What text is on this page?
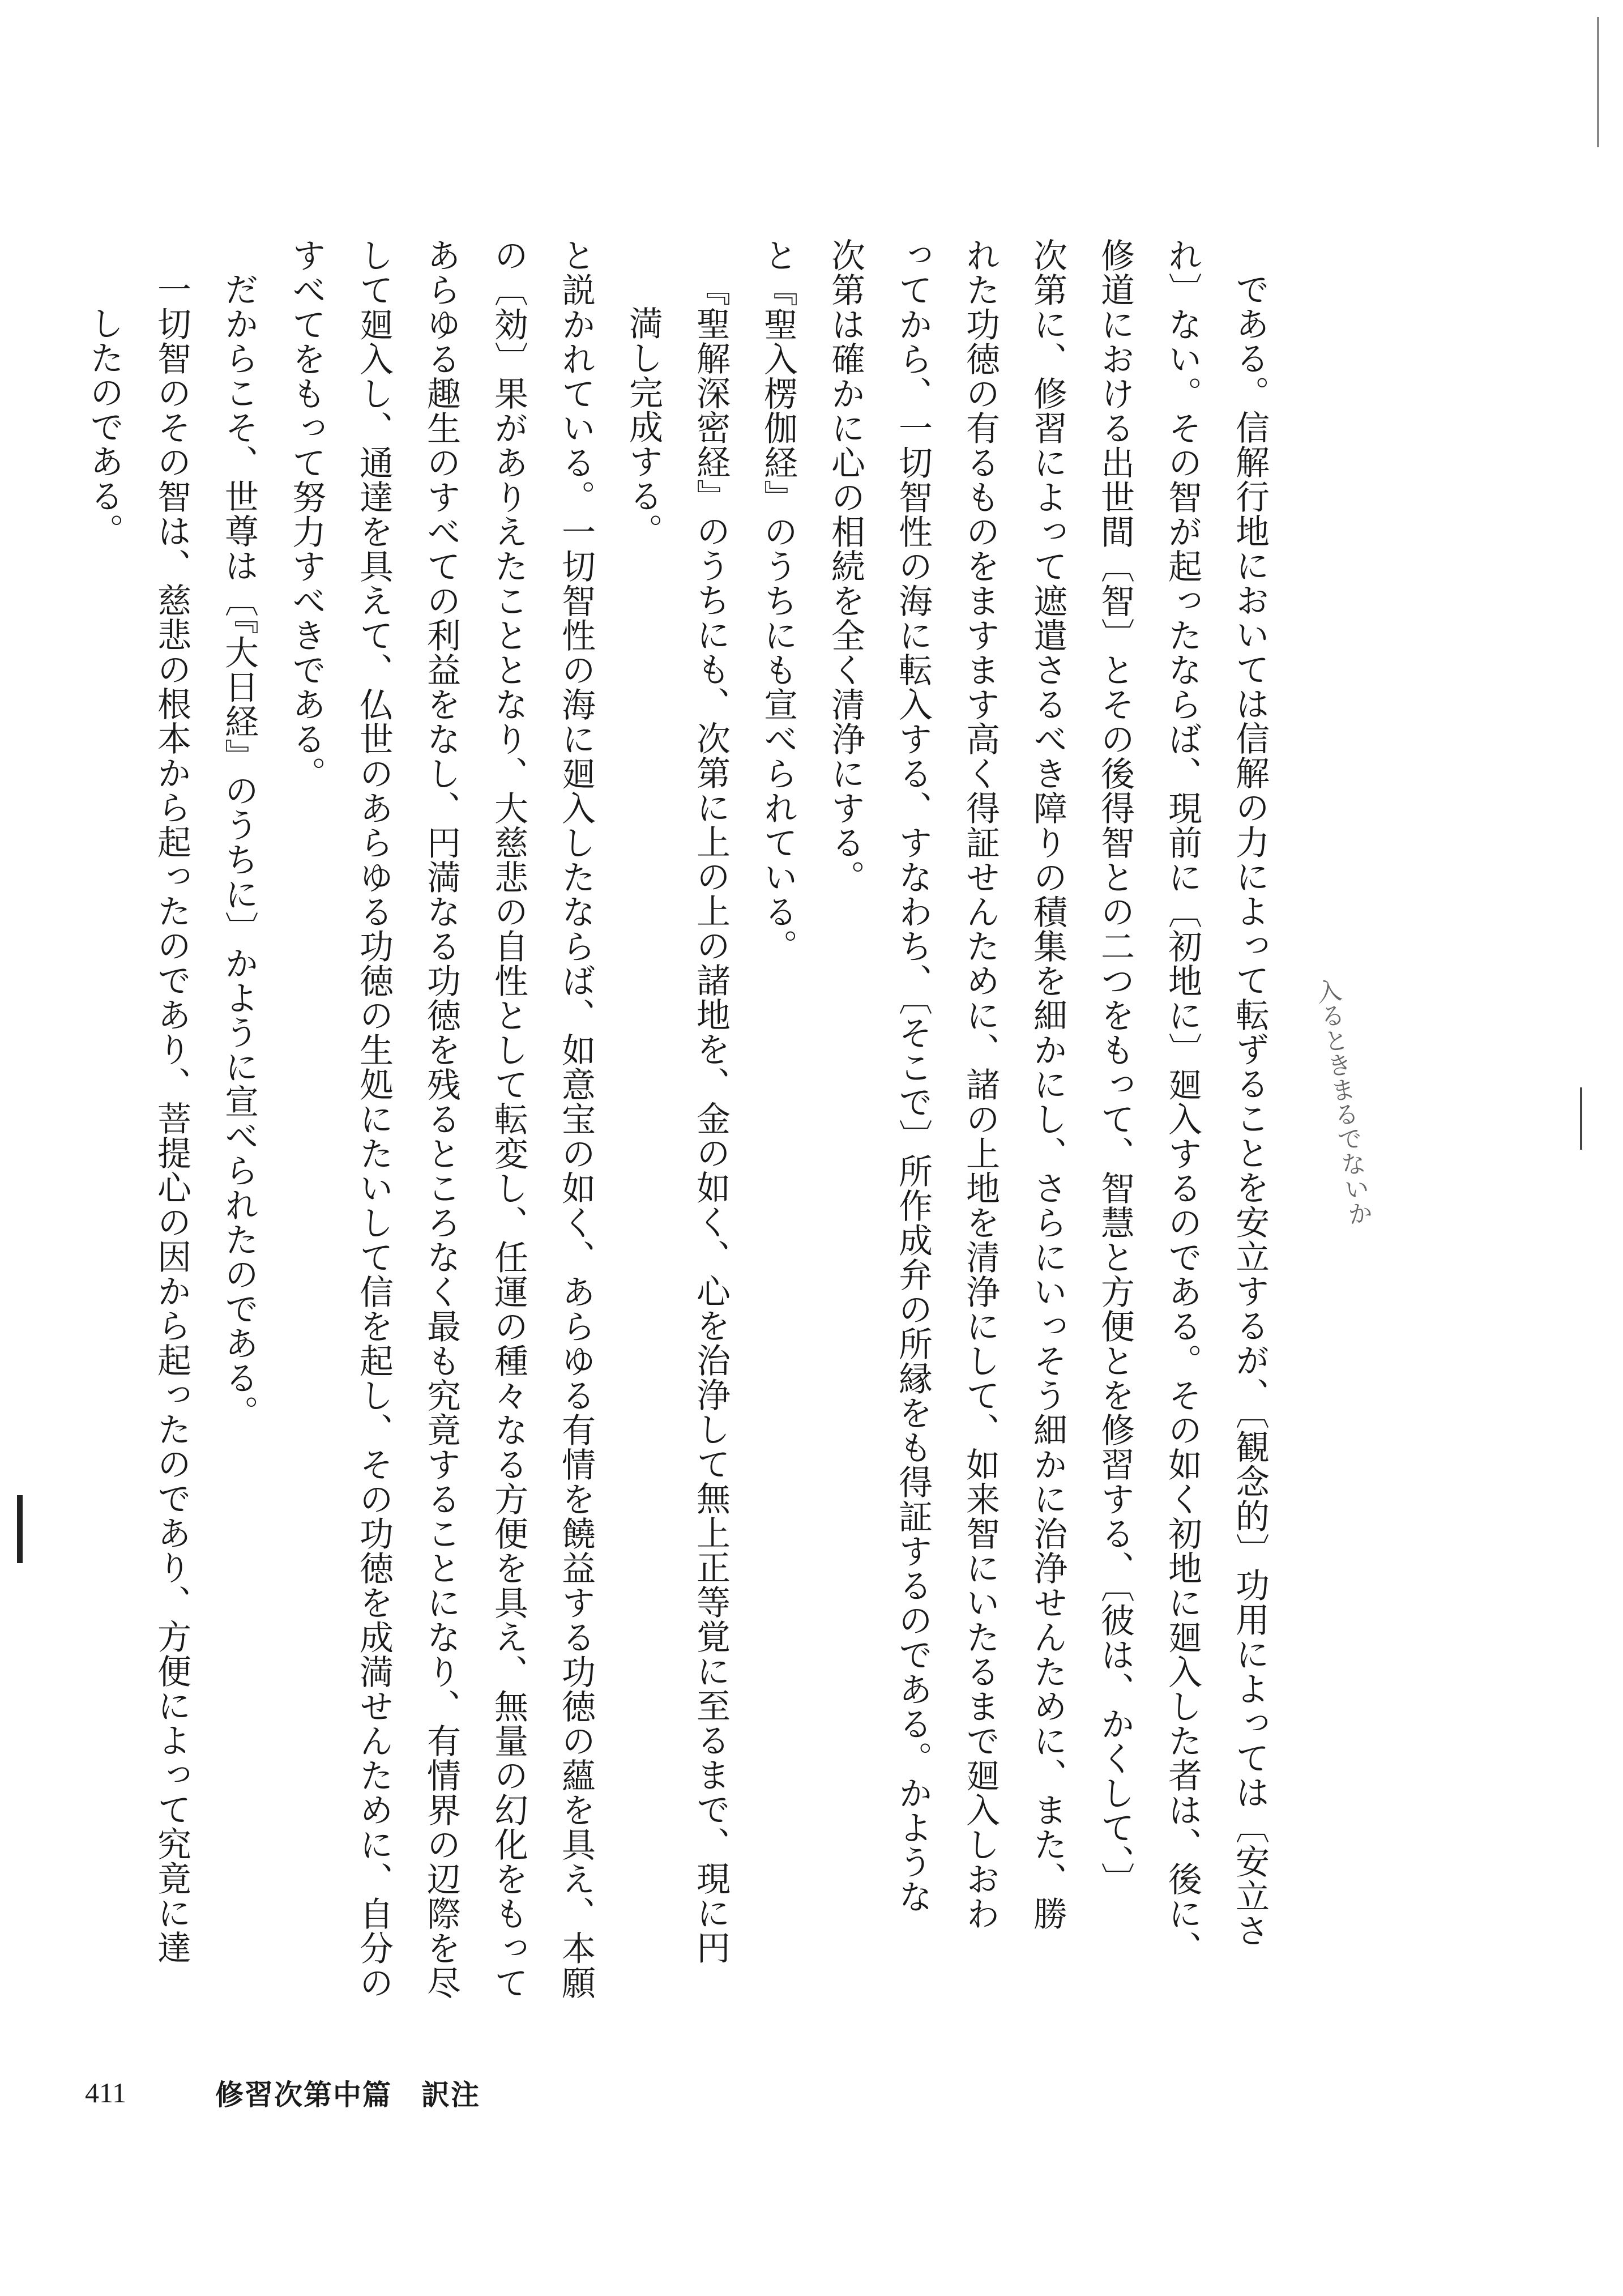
である。信解行地においては信解の力によって転ずることを安立するが、〔観念的〕功用によっては〔安立さ

れ〕ない。その智が起ったならば、現前に〔初地に〕廻入するのである。その如く初地に廻入した者は、後に、

修道における出世間〔智〕とその後得智との二つをもって、智慧と方便とを修習する、〔彼は、かくして、〕

次第に、修習によって遮遣さるべき障りの積集を細かにし、さらにいっそう細かに治浄せんために、また、勝

れた功徳の有るものをますます高く得証せんために、諸の上地を清浄にして、如来智にいたるまで廻入しおわ

ってから、一切智性の海に転入する、すなわち、〔そこで〕所作成弁の所縁をも得証するのである。かような

次第は確かに心の相続を全く清浄にする。

と『聖入楞伽経』のうちにも宣べられている。

『聖解深密経』のうちにも、次第に上の上の諸地を、金の如く、心を治浄して無上正等覚に至るまで、現に円

満し完成する。

と説かれている。一切智性の海に廻入したならば、如意宝の如く、あらゆる有情を饒益する功徳の蘊を具え、本願

の〔効〕果がありえたこととなり、大慈悲の自性として転変し、任運の種々なる方便を具え、無量の幻化をもって

あらゆる趣生のすべての利益をなし、円満なる功徳を残るところなく最も究竟することになり、有情界の辺際を尽

して廻入し、通達を具えて、仏世のあらゆる功徳の生処にたいして信を起し、その功徳を成満せんために、自分の

すべてをもって努力すべきである。

だからこそ、世尊は〔『大日経』のうちに〕かように宣べられたのである。

一切智のその智は、慈悲の根本から起ったのであり、菩提心の因から起ったのであり、方便によって究竟に達

したのである。

入るときまるでないか
411	修習次第中篇　訳注
